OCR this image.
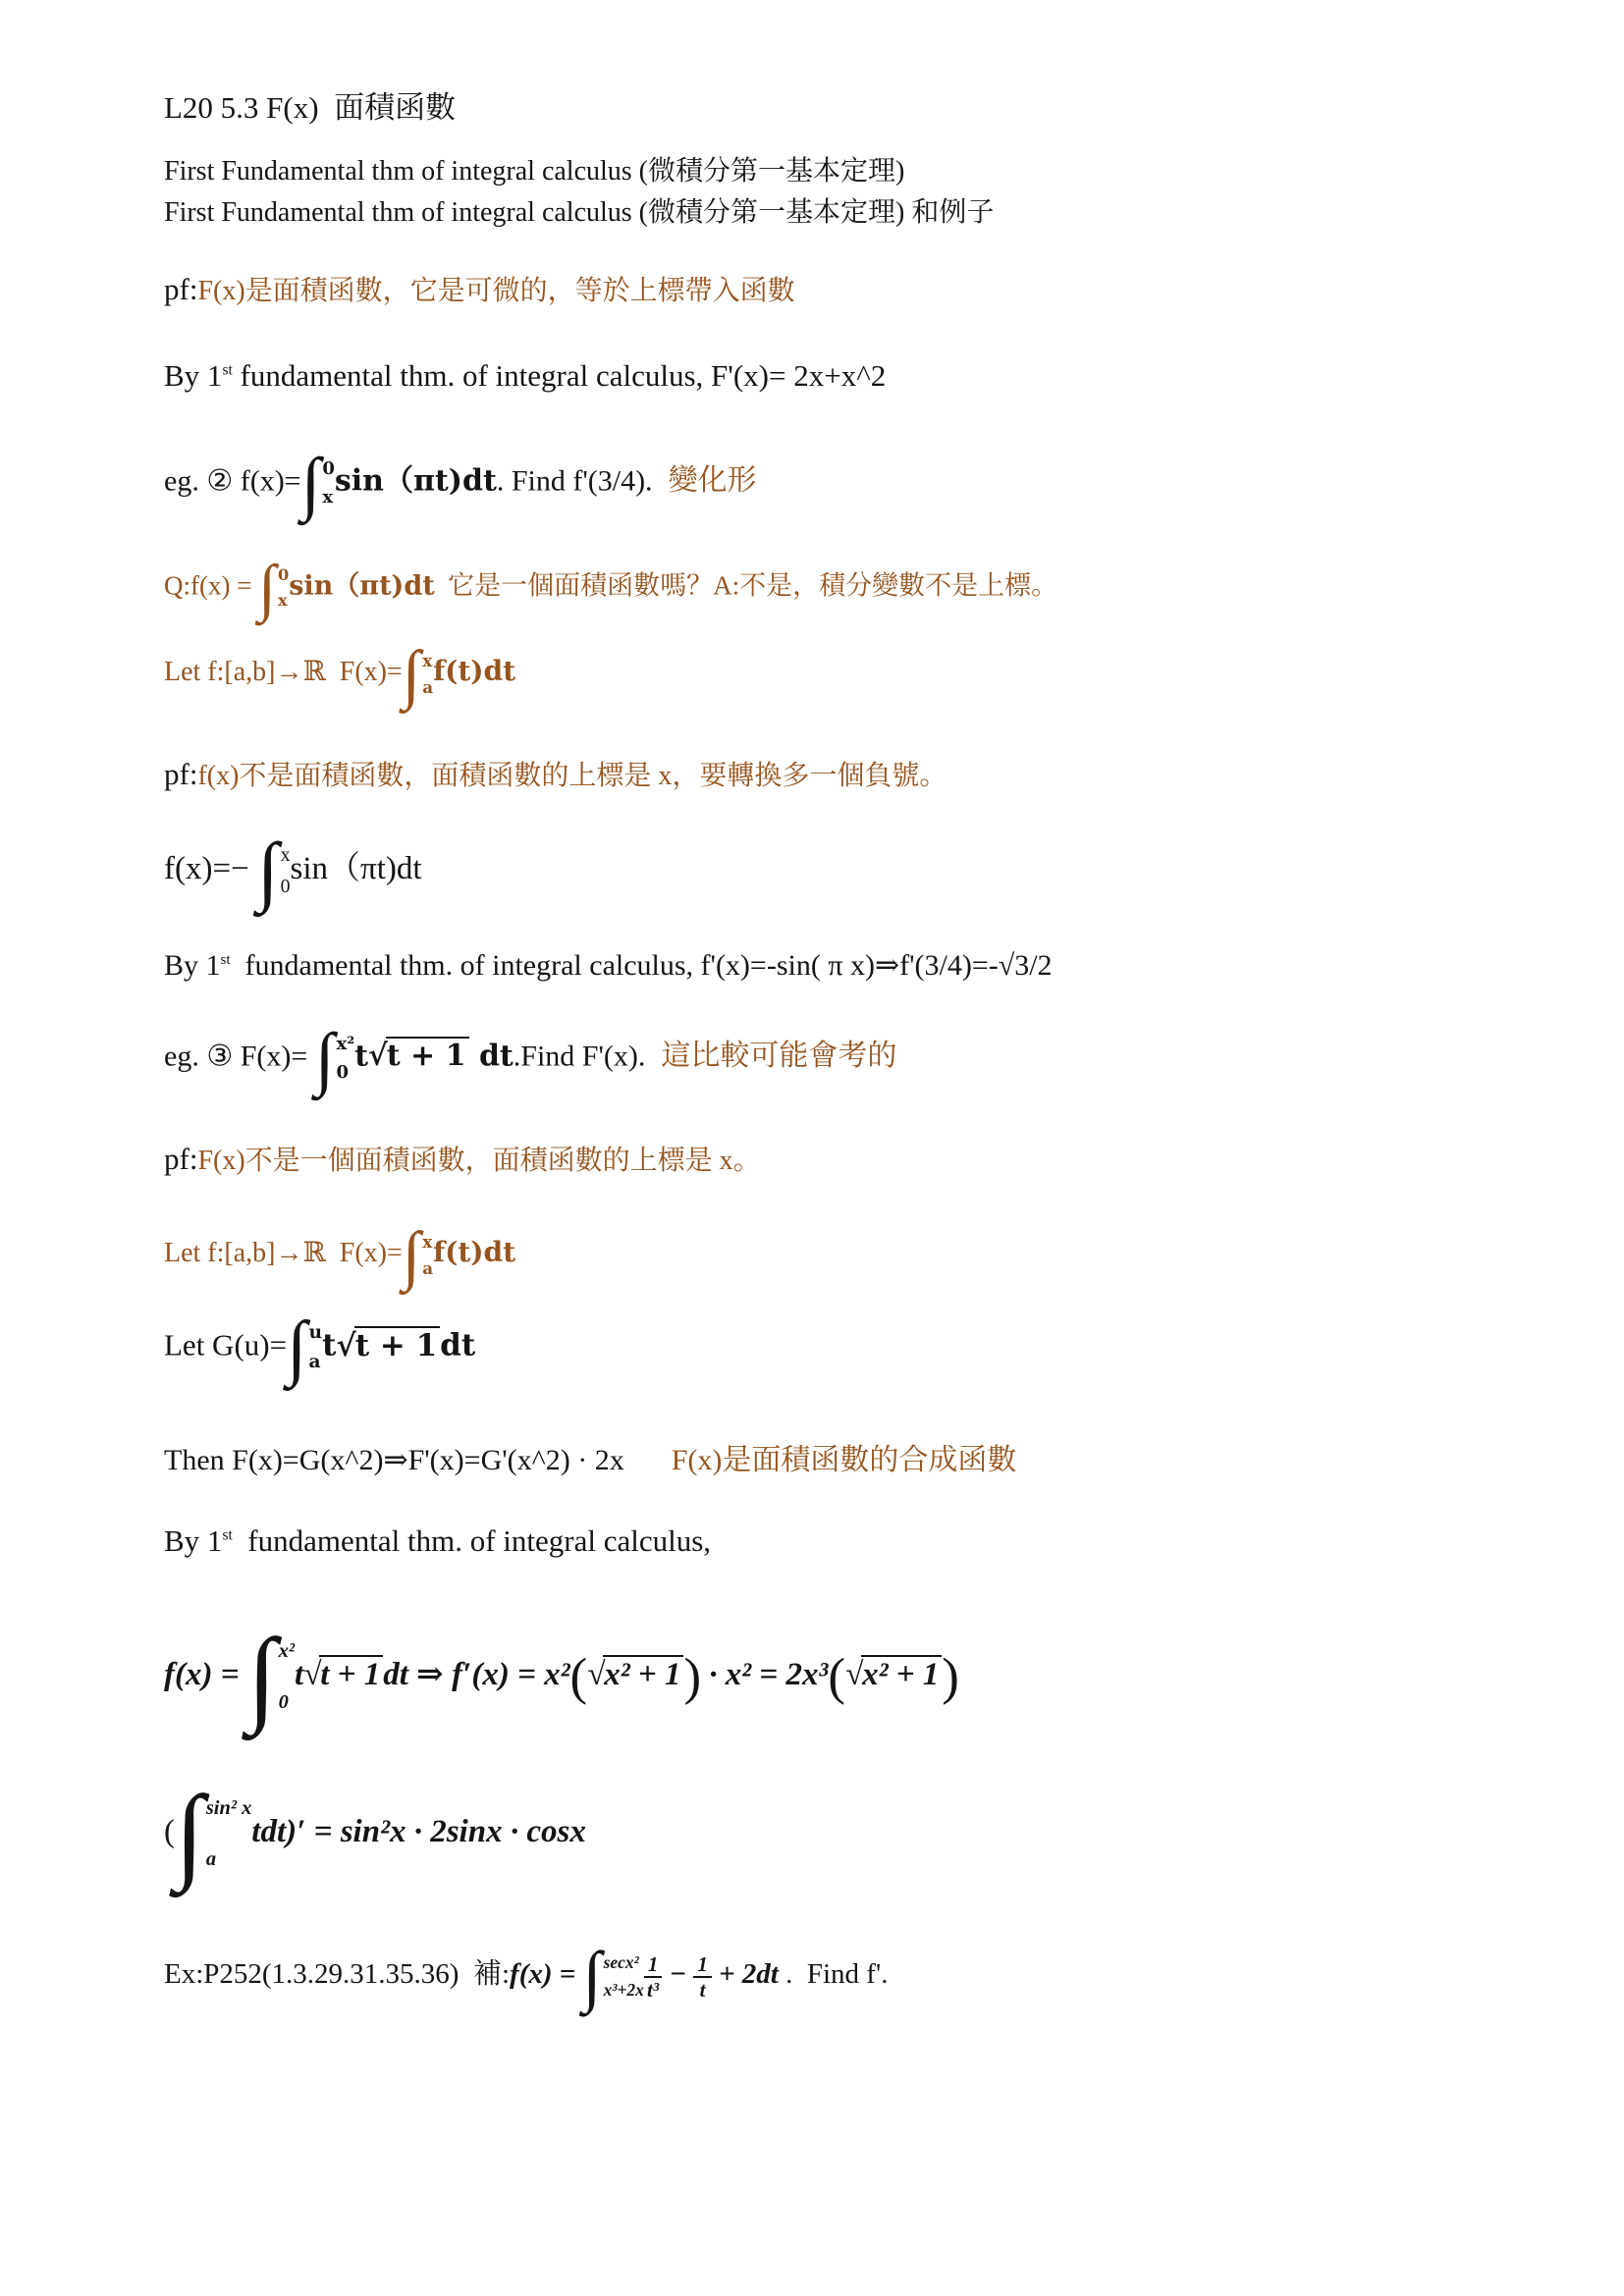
L20 5.3 F(x)  面積函數
First Fundamental thm of integral calculus (微積分第一基本定理)
First Fundamental thm of integral calculus (微積分第一基本定理) 和例子
pf:F(x)是面積函數，它是可微的，等於上標帶入函數
By 1st fundamental thm. of integral calculus, F'(x)= 2x+x^2
eg. ② f(x)= ∫ 0
x sin（πt)dt. Find f'(3/4). 變化形
Q:f(x) = ∫ 0
x sin（πt)dt  它是一個面積函數嗎？A:不是，積分變數不是上標。
Let f:[a,b]→ℝ  F(x)= ∫ x
a f(t)dt
pf:f(x)不是面積函數，面積函數的上標是 x，要轉換多一個負號。
f(x)=− ∫ x
0 sin（πt)dt
By 1st  fundamental thm. of integral calculus, f'(x)=-sin( π x)⇒f'(3/4)=-√3/2
eg. ③ F(x)= ∫ x²
0 t√t + 1 dt.Find F'(x). 這比較可能會考的
pf:F(x)不是一個面積函數，面積函數的上標是 x。
Let f:[a,b]→ℝ  F(x)= ∫ x
a f(t)dt
Let G(u)= ∫ u
a t√t + 1dt
Then F(x)=G(x^2)⇒F'(x)=G'(x^2) · 2x F(x)是面積函數的合成函數
By 1st  fundamental thm. of integral calculus,
f(x) = ∫ x²
0
t√t + 1dt ⇒ f′(x) = x²(√x² + 1) · x² = 2x³(√x² + 1)
( ∫ sin² x
a
tdt)′ = sin²x · 2sinx · cosx
Ex:P252(1.3.29.31.35.36)  補:f(x) = ∫ secx²
$x^3+2x \frac{1}{\text{t³}} - \frac{1}{t} + 2dt$ .  Find f'.
